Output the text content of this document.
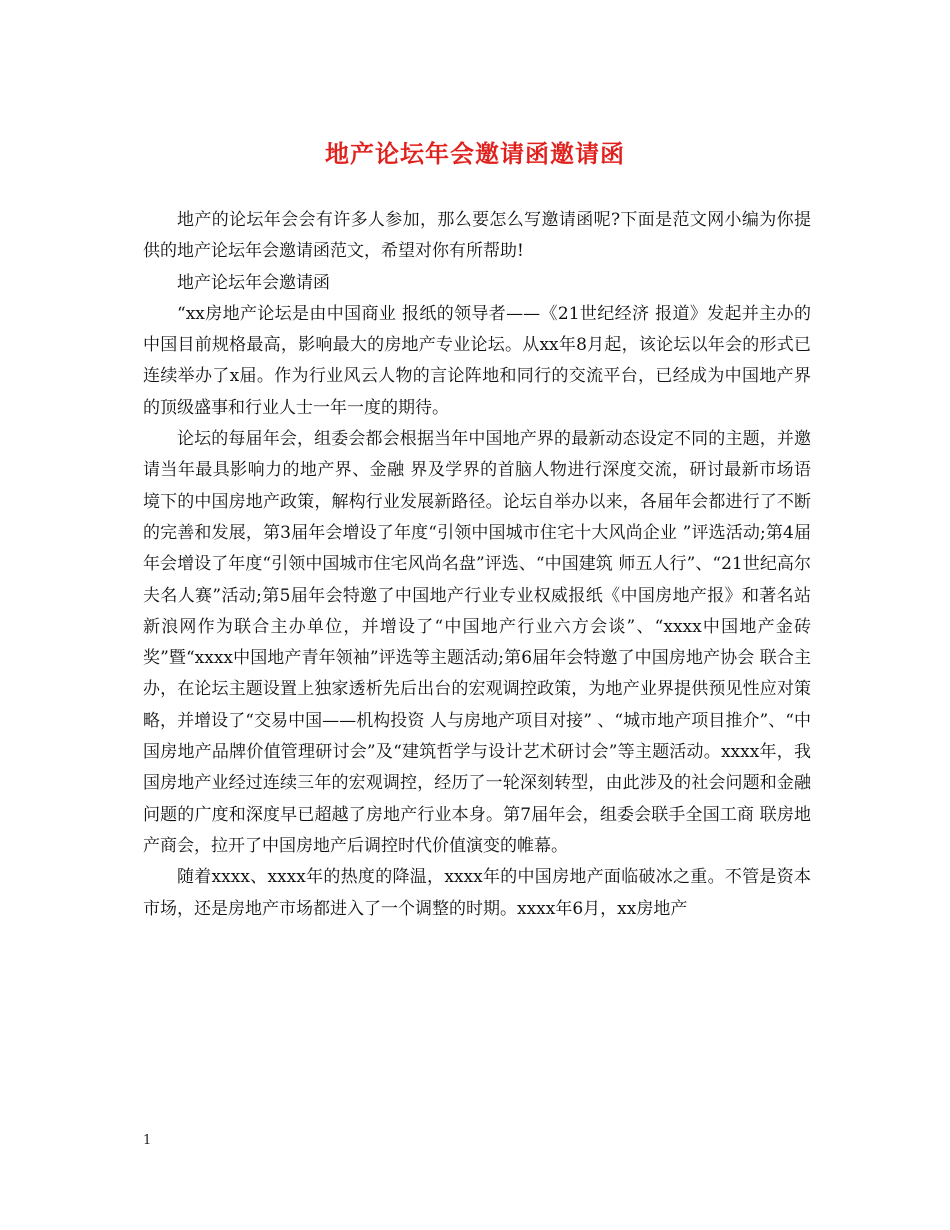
地产论坛年会邀请函邀请函

地产的论坛年会会有许多人参加，那么要怎么写邀请函呢?下面是范文网小编为你提供的地产论坛年会邀请函范文，希望对你有所帮助!

地产论坛年会邀请函

“xx房地产论坛是由中国商业 报纸的领导者——《21世纪经济 报道》发起并主办的中国目前规格最高，影响最大的房地产专业论坛。从xx年8月起，该论坛以年会的形式已连续举办了x届。作为行业风云人物的言论阵地和同行的交流平台，已经成为中国地产界的顶级盛事和行业人士一年一度的期待。

论坛的每届年会，组委会都会根据当年中国地产界的最新动态设定不同的主题，并邀请当年最具影响力的地产界、金融 界及学界的首脑人物进行深度交流，研讨最新市场语境下的中国房地产政策，解构行业发展新路径。论坛自举办以来，各届年会都进行了不断的完善和发展，第3届年会增设了年度“引领中国城市住宅十大风尚企业 ”评选活动;第4届年会增设了年度“引领中国城市住宅风尚名盘”评选、“中国建筑 师五人行”、“21世纪高尔夫名人赛”活动;第5届年会特邀了中国地产行业专业权威报纸《中国房地产报》和著名站新浪网作为联合主办单位，并增设了“中国地产行业六方会谈”、“xxxx中国地产金砖奖”暨“xxxx中国地产青年领袖”评选等主题活动;第6届年会特邀了中国房地产协会 联合主办，在论坛主题设置上独家透析先后出台的宏观调控政策，为地产业界提供预见性应对策略，并增设了“交易中国——机构投资 人与房地产项目对接” 、“城市地产项目推介”、“中国房地产品牌价值管理研讨会”及“建筑哲学与设计艺术研讨会”等主题活动。xxxx年，我国房地产业经过连续三年的宏观调控，经历了一轮深刻转型，由此涉及的社会问题和金融问题的广度和深度早已超越了房地产行业本身。第7届年会，组委会联手全国工商 联房地产商会，拉开了中国房地产后调控时代价值演变的帷幕。

随着xxxx、xxxx年的热度的降温，xxxx年的中国房地产面临破冰之重。不管是资本市场，还是房地产市场都进入了一个调整的时期。xxxx年6月，xx房地产

1
